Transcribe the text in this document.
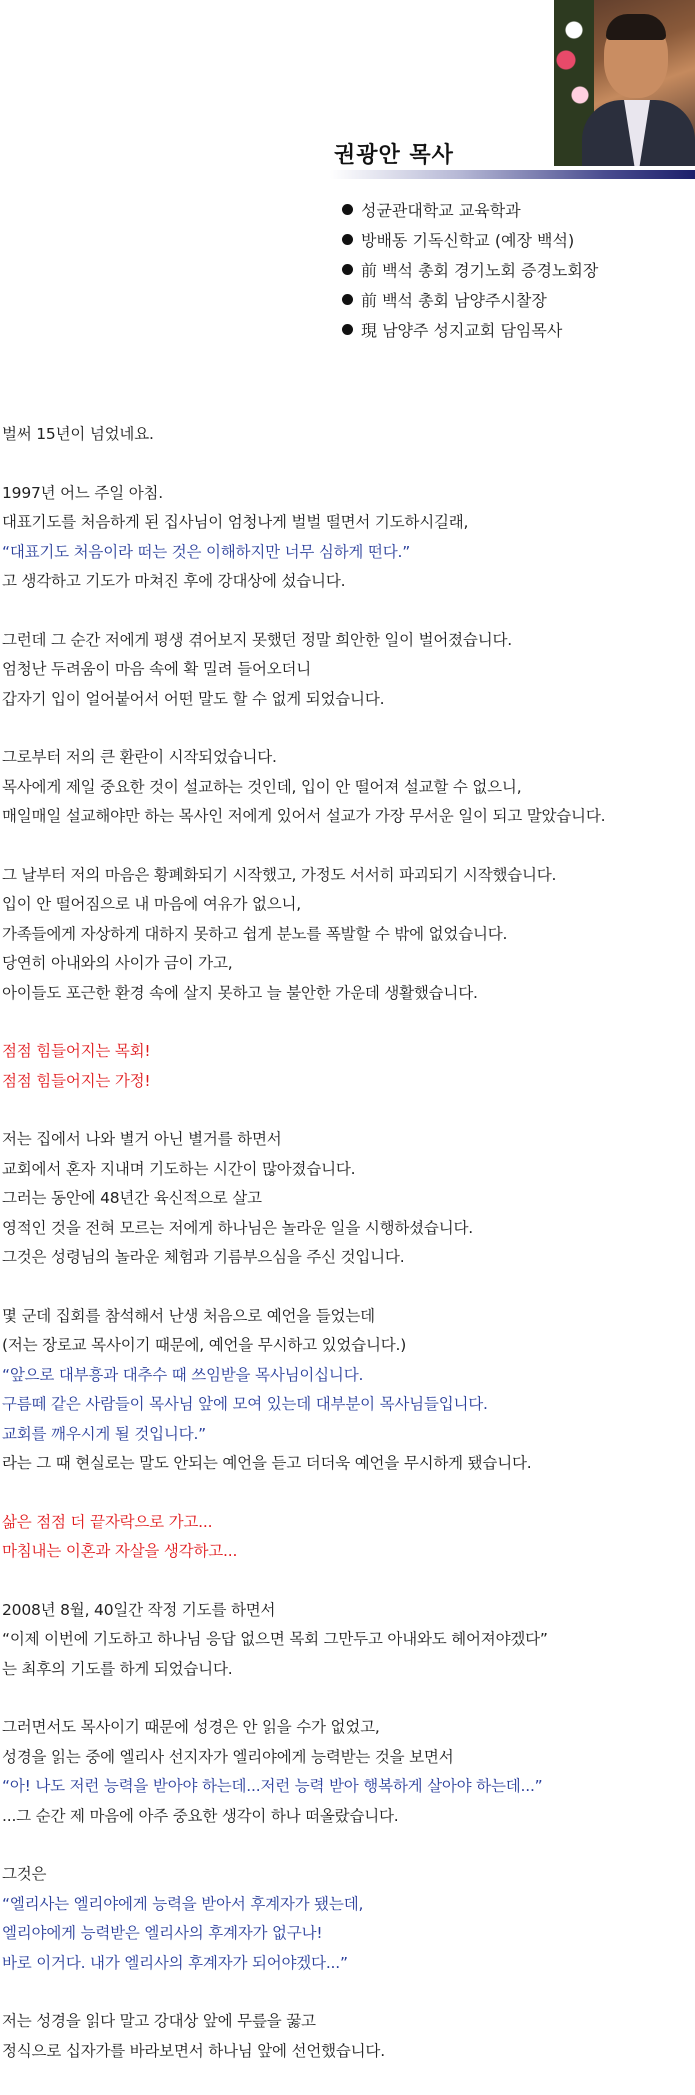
권광안 목사
성균관대학교 교육학과
방배동 기독신학교 (예장 백석)
前 백석 총회 경기노회 증경노회장
前 백석 총회 남양주시찰장
現 남양주 성지교회 담임목사
벌써 15년이 넘었네요.
1997년 어느 주일 아침.
대표기도를 처음하게 된 집사님이 엄청나게 벌벌 떨면서 기도하시길래,
“대표기도 처음이라 떠는 것은 이해하지만 너무 심하게 떤다.”
고 생각하고 기도가 마쳐진 후에 강대상에 섰습니다.
그런데 그 순간 저에게 평생 겪어보지 못했던 정말 희안한 일이 벌어졌습니다.
엄청난 두려움이 마음 속에 확 밀려 들어오더니
갑자기 입이 얼어붙어서 어떤 말도 할 수 없게 되었습니다.
그로부터 저의 큰 환란이 시작되었습니다.
목사에게 제일 중요한 것이 설교하는 것인데, 입이 안 떨어져 설교할 수 없으니,
매일매일 설교해야만 하는 목사인 저에게 있어서 설교가 가장 무서운 일이 되고 말았습니다.
그 날부터 저의 마음은 황폐화되기 시작했고, 가정도 서서히 파괴되기 시작했습니다.
입이 안 떨어짐으로 내 마음에 여유가 없으니,
가족들에게 자상하게 대하지 못하고 쉽게 분노를 폭발할 수 밖에 없었습니다.
당연히 아내와의 사이가 금이 가고,
아이들도 포근한 환경 속에 살지 못하고 늘 불안한 가운데 생활했습니다.
점점 힘들어지는 목회!
점점 힘들어지는 가정!
저는 집에서 나와 별거 아닌 별거를 하면서
교회에서 혼자 지내며 기도하는 시간이 많아졌습니다.
그러는 동안에 48년간 육신적으로 살고
영적인 것을 전혀 모르는 저에게 하나님은 놀라운 일을 시행하셨습니다.
그것은 성령님의 놀라운 체험과 기름부으심을 주신 것입니다.
몇 군데 집회를 참석해서 난생 처음으로 예언을 들었는데
(저는 장로교 목사이기 때문에, 예언을 무시하고 있었습니다.)
“앞으로 대부흥과 대추수 때 쓰임받을 목사님이십니다.
구름떼 같은 사람들이 목사님 앞에 모여 있는데 대부분이 목사님들입니다.
교회를 깨우시게 될 것입니다.”
라는 그 때 현실로는 말도 안되는 예언을 듣고 더더욱 예언을 무시하게 됐습니다.
삶은 점점 더 끝자락으로 가고...
마침내는 이혼과 자살을 생각하고...
2008년 8월, 40일간 작정 기도를 하면서
“이제 이번에 기도하고 하나님 응답 없으면 목회 그만두고 아내와도 헤어져야겠다”
는 최후의 기도를 하게 되었습니다.
그러면서도 목사이기 때문에 성경은 안 읽을 수가 없었고,
성경을 읽는 중에 엘리사 선지자가 엘리야에게 능력받는 것을 보면서
“아! 나도 저런 능력을 받아야 하는데...저런 능력 받아 행복하게 살아야 하는데...”
...그 순간 제 마음에 아주 중요한 생각이 하나 떠올랐습니다.
그것은
“엘리사는 엘리야에게 능력을 받아서 후계자가 됐는데,
엘리야에게 능력받은 엘리사의 후계자가 없구나!
바로 이거다. 내가 엘리사의 후계자가 되어야겠다...”
저는 성경을 읽다 말고 강대상 앞에 무릎을 꿇고
정식으로 십자가를 바라보면서 하나님 앞에 선언했습니다.
